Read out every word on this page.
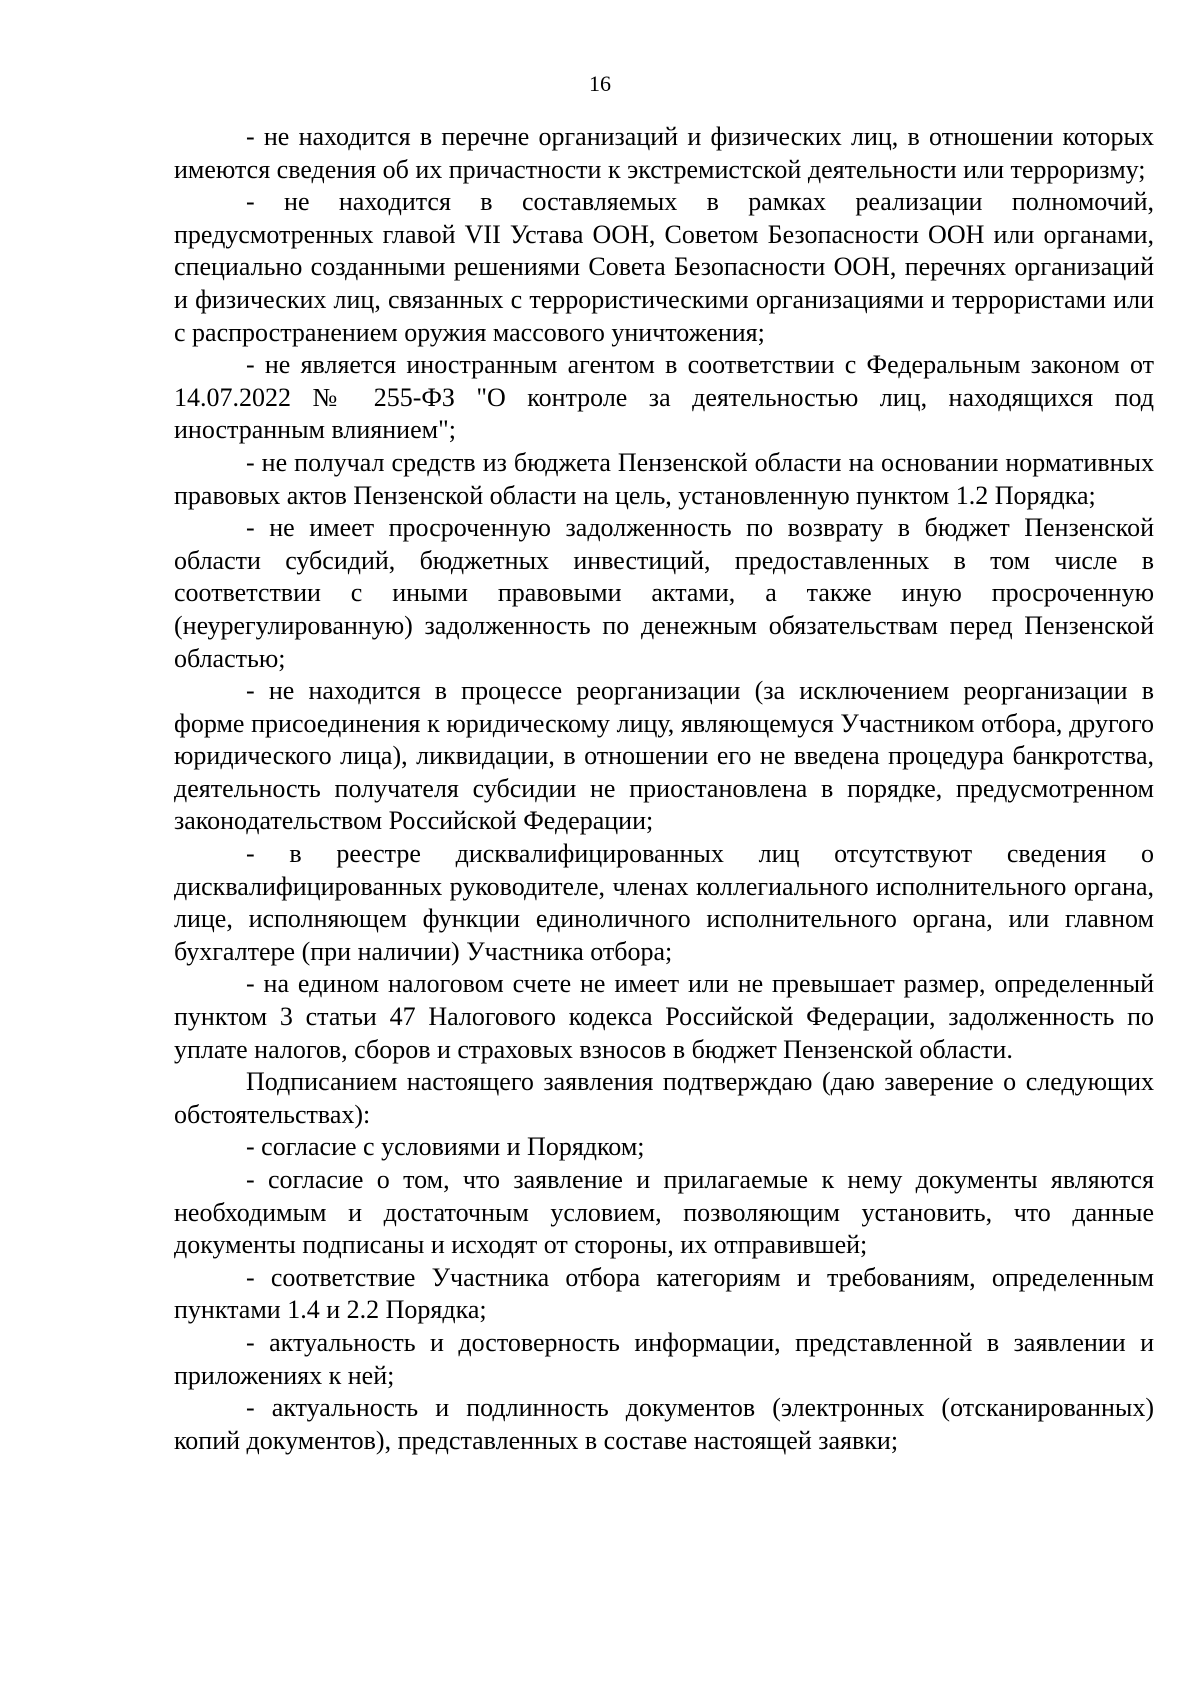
16

- не находится в перечне организаций и физических лиц, в отношении которых имеются сведения об их причастности к экстремистской деятельности или терроризму;

- не находится в составляемых в рамках реализации полномочий, предусмотренных главой VII Устава ООН, Советом Безопасности ООН или органами, специально созданными решениями Совета Безопасности ООН, перечнях организаций и физических лиц, связанных с террористическими организациями и террористами или с распространением оружия массового уничтожения;

- не является иностранным агентом в соответствии с Федеральным законом от 14.07.2022 № 255-ФЗ "О контроле за деятельностью лиц, находящихся под иностранным влиянием";

- не получал средств из бюджета Пензенской области на основании нормативных правовых актов Пензенской области на цель, установленную пунктом 1.2 Порядка;

- не имеет просроченную задолженность по возврату в бюджет Пензенской области субсидий, бюджетных инвестиций, предоставленных в том числе в соответствии с иными правовыми актами, а также иную просроченную (неурегулированную) задолженность по денежным обязательствам перед Пензенской областью;

- не находится в процессе реорганизации (за исключением реорганизации в форме присоединения к юридическому лицу, являющемуся Участником отбора, другого юридического лица), ликвидации, в отношении его не введена процедура банкротства, деятельность получателя субсидии не приостановлена в порядке, предусмотренном законодательством Российской Федерации;

- в реестре дисквалифицированных лиц отсутствуют сведения о дисквалифицированных руководителе, членах коллегиального исполнительного органа, лице, исполняющем функции единоличного исполнительного органа, или главном бухгалтере (при наличии) Участника отбора;

- на едином налоговом счете не имеет или не превышает размер, определенный пунктом 3 статьи 47 Налогового кодекса Российской Федерации, задолженность по уплате налогов, сборов и страховых взносов в бюджет Пензенской области.

Подписанием настоящего заявления подтверждаю (даю заверение о следующих обстоятельствах):

- согласие с условиями и Порядком;

- согласие о том, что заявление и прилагаемые к нему документы являются необходимым и достаточным условием, позволяющим установить, что данные документы подписаны и исходят от стороны, их отправившей;

- соответствие Участника отбора категориям и требованиям, определенным пунктами 1.4 и 2.2 Порядка;

- актуальность и достоверность информации, представленной в заявлении и приложениях к ней;

- актуальность и подлинность документов (электронных (отсканированных) копий документов), представленных в составе настоящей заявки;
